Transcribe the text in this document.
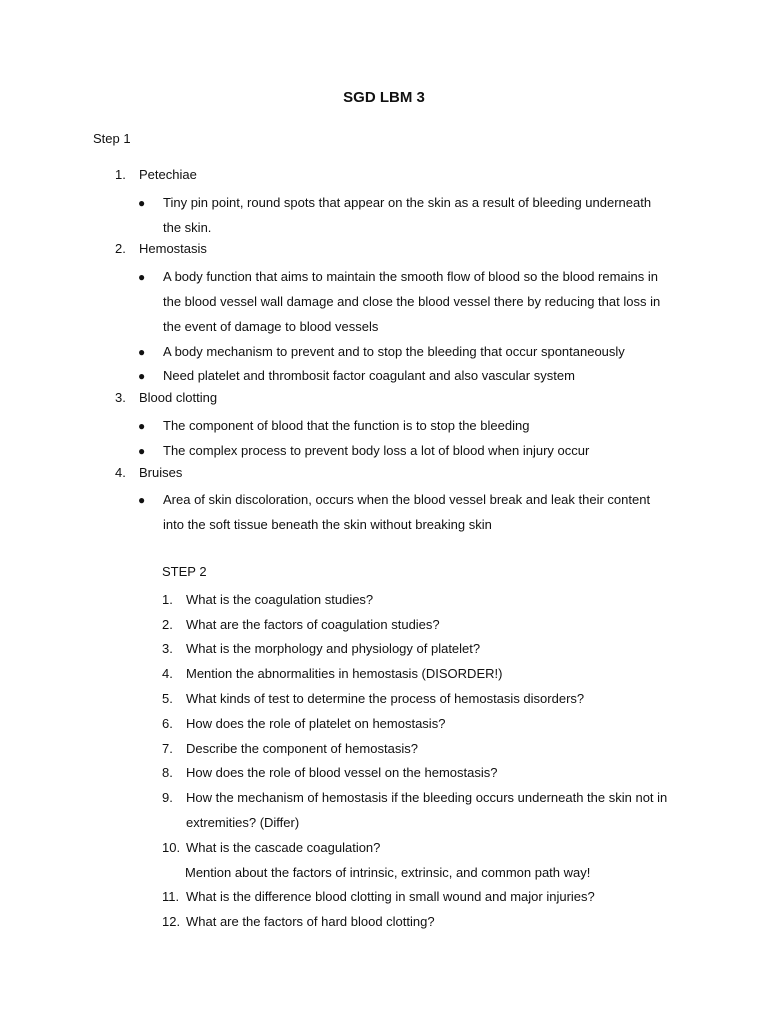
SGD LBM 3
Step 1
1. Petechiae
● Tiny pin point, round spots that appear on the skin as a result of bleeding underneath the skin.
2. Hemostasis
● A body function that aims to maintain the smooth flow of blood so the blood remains in the blood vessel wall damage and close the blood vessel there by reducing that loss in the event of damage to blood vessels
● A body mechanism to prevent and to stop the bleeding that occur spontaneously
● Need platelet and thrombosit factor coagulant and also vascular system
3. Blood clotting
● The component of blood that the function is to stop the bleeding
● The complex process to prevent body loss a lot of blood when injury occur
4. Bruises
● Area of skin discoloration, occurs when the blood vessel break and leak their content into the soft tissue beneath the skin without breaking skin
STEP 2
1. What is the coagulation studies?
2. What are the factors of coagulation studies?
3. What is the morphology and physiology of platelet?
4. Mention the abnormalities in hemostasis (DISORDER!)
5. What kinds of test to determine the process of hemostasis disorders?
6. How does the role of platelet on hemostasis?
7. Describe the component of hemostasis?
8. How does the role of blood vessel on the hemostasis?
9. How the mechanism of hemostasis if the bleeding occurs underneath the skin not in extremities? (Differ)
10. What is the cascade coagulation?
Mention about the factors of intrinsic, extrinsic, and common path way!
11. What is the difference blood clotting in small wound and major injuries?
12. What are the factors of hard blood clotting?
